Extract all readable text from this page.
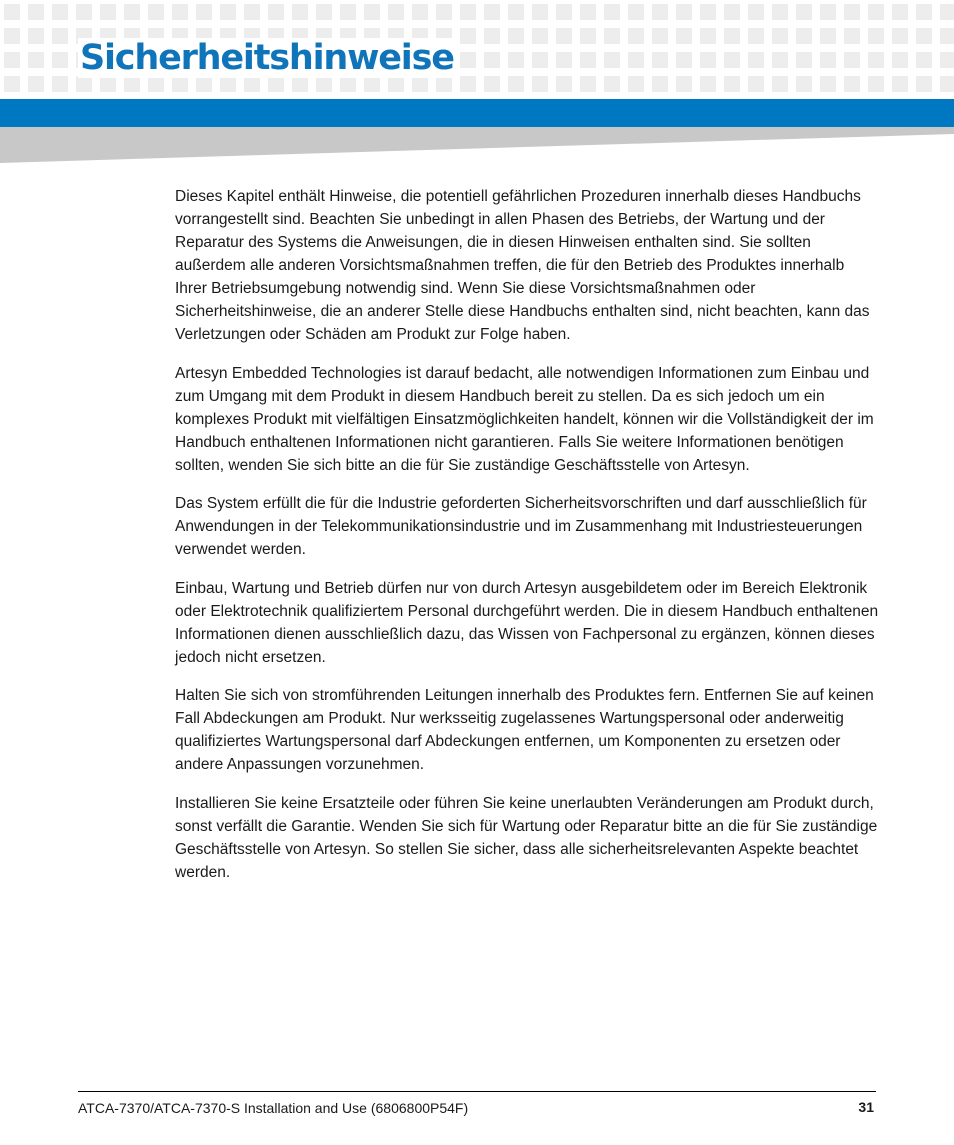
Sicherheitshinweise

Dieses Kapitel enthält Hinweise, die potentiell gefährlichen Prozeduren innerhalb dieses Handbuchs vorrangestellt sind. Beachten Sie unbedingt in allen Phasen des Betriebs, der Wartung und der Reparatur des Systems die Anweisungen, die in diesen Hinweisen enthalten sind. Sie sollten außerdem alle anderen Vorsichtsmaßnahmen treffen, die für den Betrieb des Produktes innerhalb Ihrer Betriebsumgebung notwendig sind. Wenn Sie diese Vorsichtsmaßnahmen oder Sicherheitshinweise, die an anderer Stelle diese Handbuchs enthalten sind, nicht beachten, kann das Verletzungen oder Schäden am Produkt zur Folge haben.

Artesyn Embedded Technologies ist darauf bedacht, alle notwendigen Informationen zum Einbau und zum Umgang mit dem Produkt in diesem Handbuch bereit zu stellen. Da es sich jedoch um ein komplexes Produkt mit vielfältigen Einsatzmöglichkeiten handelt, können wir die Vollständigkeit der im Handbuch enthaltenen Informationen nicht garantieren. Falls Sie weitere Informationen benötigen sollten, wenden Sie sich bitte an die für Sie zuständige Geschäftsstelle von Artesyn.

Das System erfüllt die für die Industrie geforderten Sicherheitsvorschriften und darf ausschließlich für Anwendungen in der Telekommunikationsindustrie und im Zusammenhang mit Industriesteuerungen verwendet werden.

Einbau, Wartung und Betrieb dürfen nur von durch Artesyn ausgebildetem oder im Bereich Elektronik oder Elektrotechnik qualifiziertem Personal durchgeführt werden. Die in diesem Handbuch enthaltenen Informationen dienen ausschließlich dazu, das Wissen von Fachpersonal zu ergänzen, können dieses jedoch nicht ersetzen.

Halten Sie sich von stromführenden Leitungen innerhalb des Produktes fern. Entfernen Sie auf keinen Fall Abdeckungen am Produkt. Nur werksseitig zugelassenes Wartungspersonal oder anderweitig qualifiziertes Wartungspersonal darf Abdeckungen entfernen, um Komponenten zu ersetzen oder andere Anpassungen vorzunehmen.

Installieren Sie keine Ersatzteile oder führen Sie keine unerlaubten Veränderungen am Produkt durch, sonst verfällt die Garantie. Wenden Sie sich für Wartung oder Reparatur bitte an die für Sie zuständige Geschäftsstelle von Artesyn. So stellen Sie sicher, dass alle sicherheitsrelevanten Aspekte beachtet werden.

ATCA-7370/ATCA-7370-S Installation and Use (6806800P54F)	31
